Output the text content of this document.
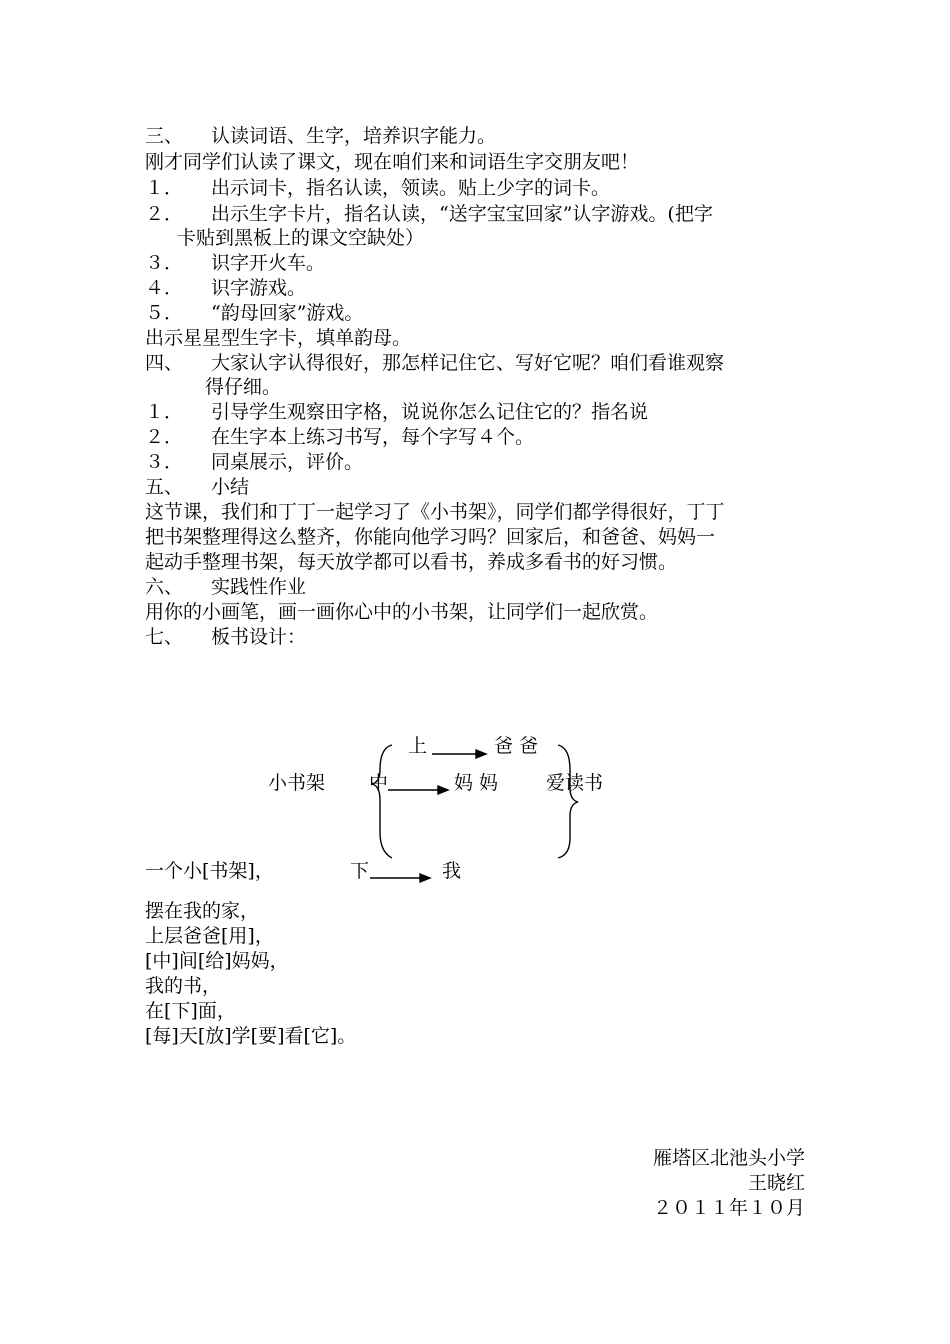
三、 认读词语、生字，培养识字能力。
刚才同学们认读了课文，现在咱们来和词语生字交朋友吧！
１． 出示词卡，指名认读，领读。贴上少字的词卡。
２． 出示生字卡片，指名认读，“送字宝宝回家”认字游戏。(把字
卡贴到黑板上的课文空缺处）
３． 识字开火车。
４． 识字游戏。
５． “韵母回家”游戏。
出示星星型生字卡，填单韵母。
四、 大家认字认得很好，那怎样记住它、写好它呢？咱们看谁观察
得仔细。
１． 引导学生观察田字格，说说你怎么记住它的？指名说
２． 在生字本上练习书写，每个字写４个。
３． 同桌展示，评价。
五、 小结
这节课，我们和丁丁一起学习了《小书架》，同学们都学得很好，丁丁
把书架整理得这么整齐，你能向他学习吗？回家后，和爸爸、妈妈一
起动手整理书架，每天放学都可以看书，养成多看书的好习惯。
六、 实践性作业
用你的小画笔，画一画你心中的小书架，让同学们一起欣赏。
七、 板书设计：
上	爸 爸
小书架 中	妈 妈	爱读书
下	我
一个小[书架]，
摆在我的家，
上层爸爸[用]，
[中]间[给]妈妈，
我的书，
在[下]面，
[每]天[放]学[要]看[它]。
雁塔区北池头小学
王晓红
２０１１年１０月
